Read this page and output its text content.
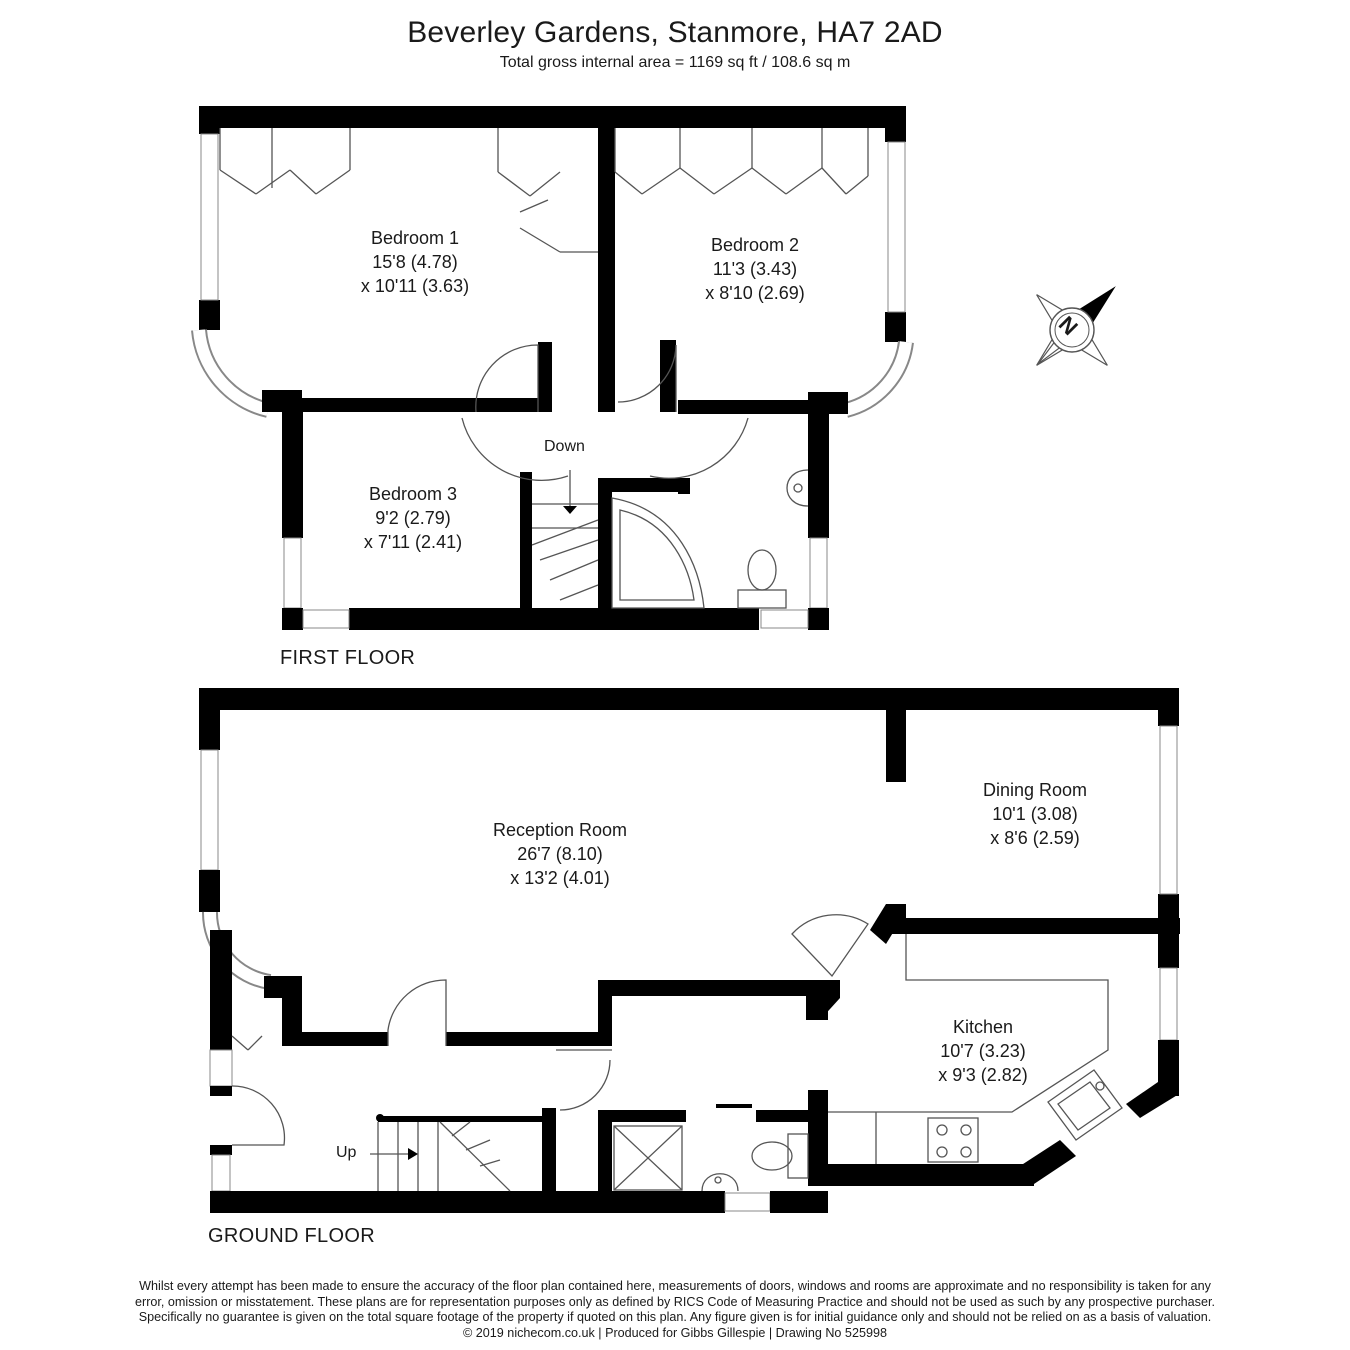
Beverley Gardens, Stanmore, HA7 2AD
Total gross internal area = 1169 sq ft / 108.6 sq m
N
Bedroom 1
15'8 (4.78)
x 10'11 (3.63)
Bedroom 2
11'3 (3.43)
x 8'10 (2.69)
Bedroom 3
9'2 (2.79)
x 7'11 (2.41)
Down
FIRST FLOOR
Reception Room
26'7 (8.10)
x 13'2 (4.01)
Dining Room
10'1 (3.08)
x 8'6 (2.59)
Kitchen
10'7 (3.23)
x 9'3 (2.82)
Up
GROUND FLOOR
Whilst every attempt has been made to ensure the accuracy of the floor plan contained here, measurements of doors, windows and rooms are approximate and no responsibility is taken for any
error, omission or misstatement. These plans are for representation purposes only as defined by RICS Code of Measuring Practice and should not be used as such by any prospective purchaser.
Specifically no guarantee is given on the total square footage of the property if quoted on this plan. Any figure given is for initial guidance only and should not be relied on as a basis of valuation.
© 2019 nichecom.co.uk | Produced for Gibbs Gillespie | Drawing No 525998
